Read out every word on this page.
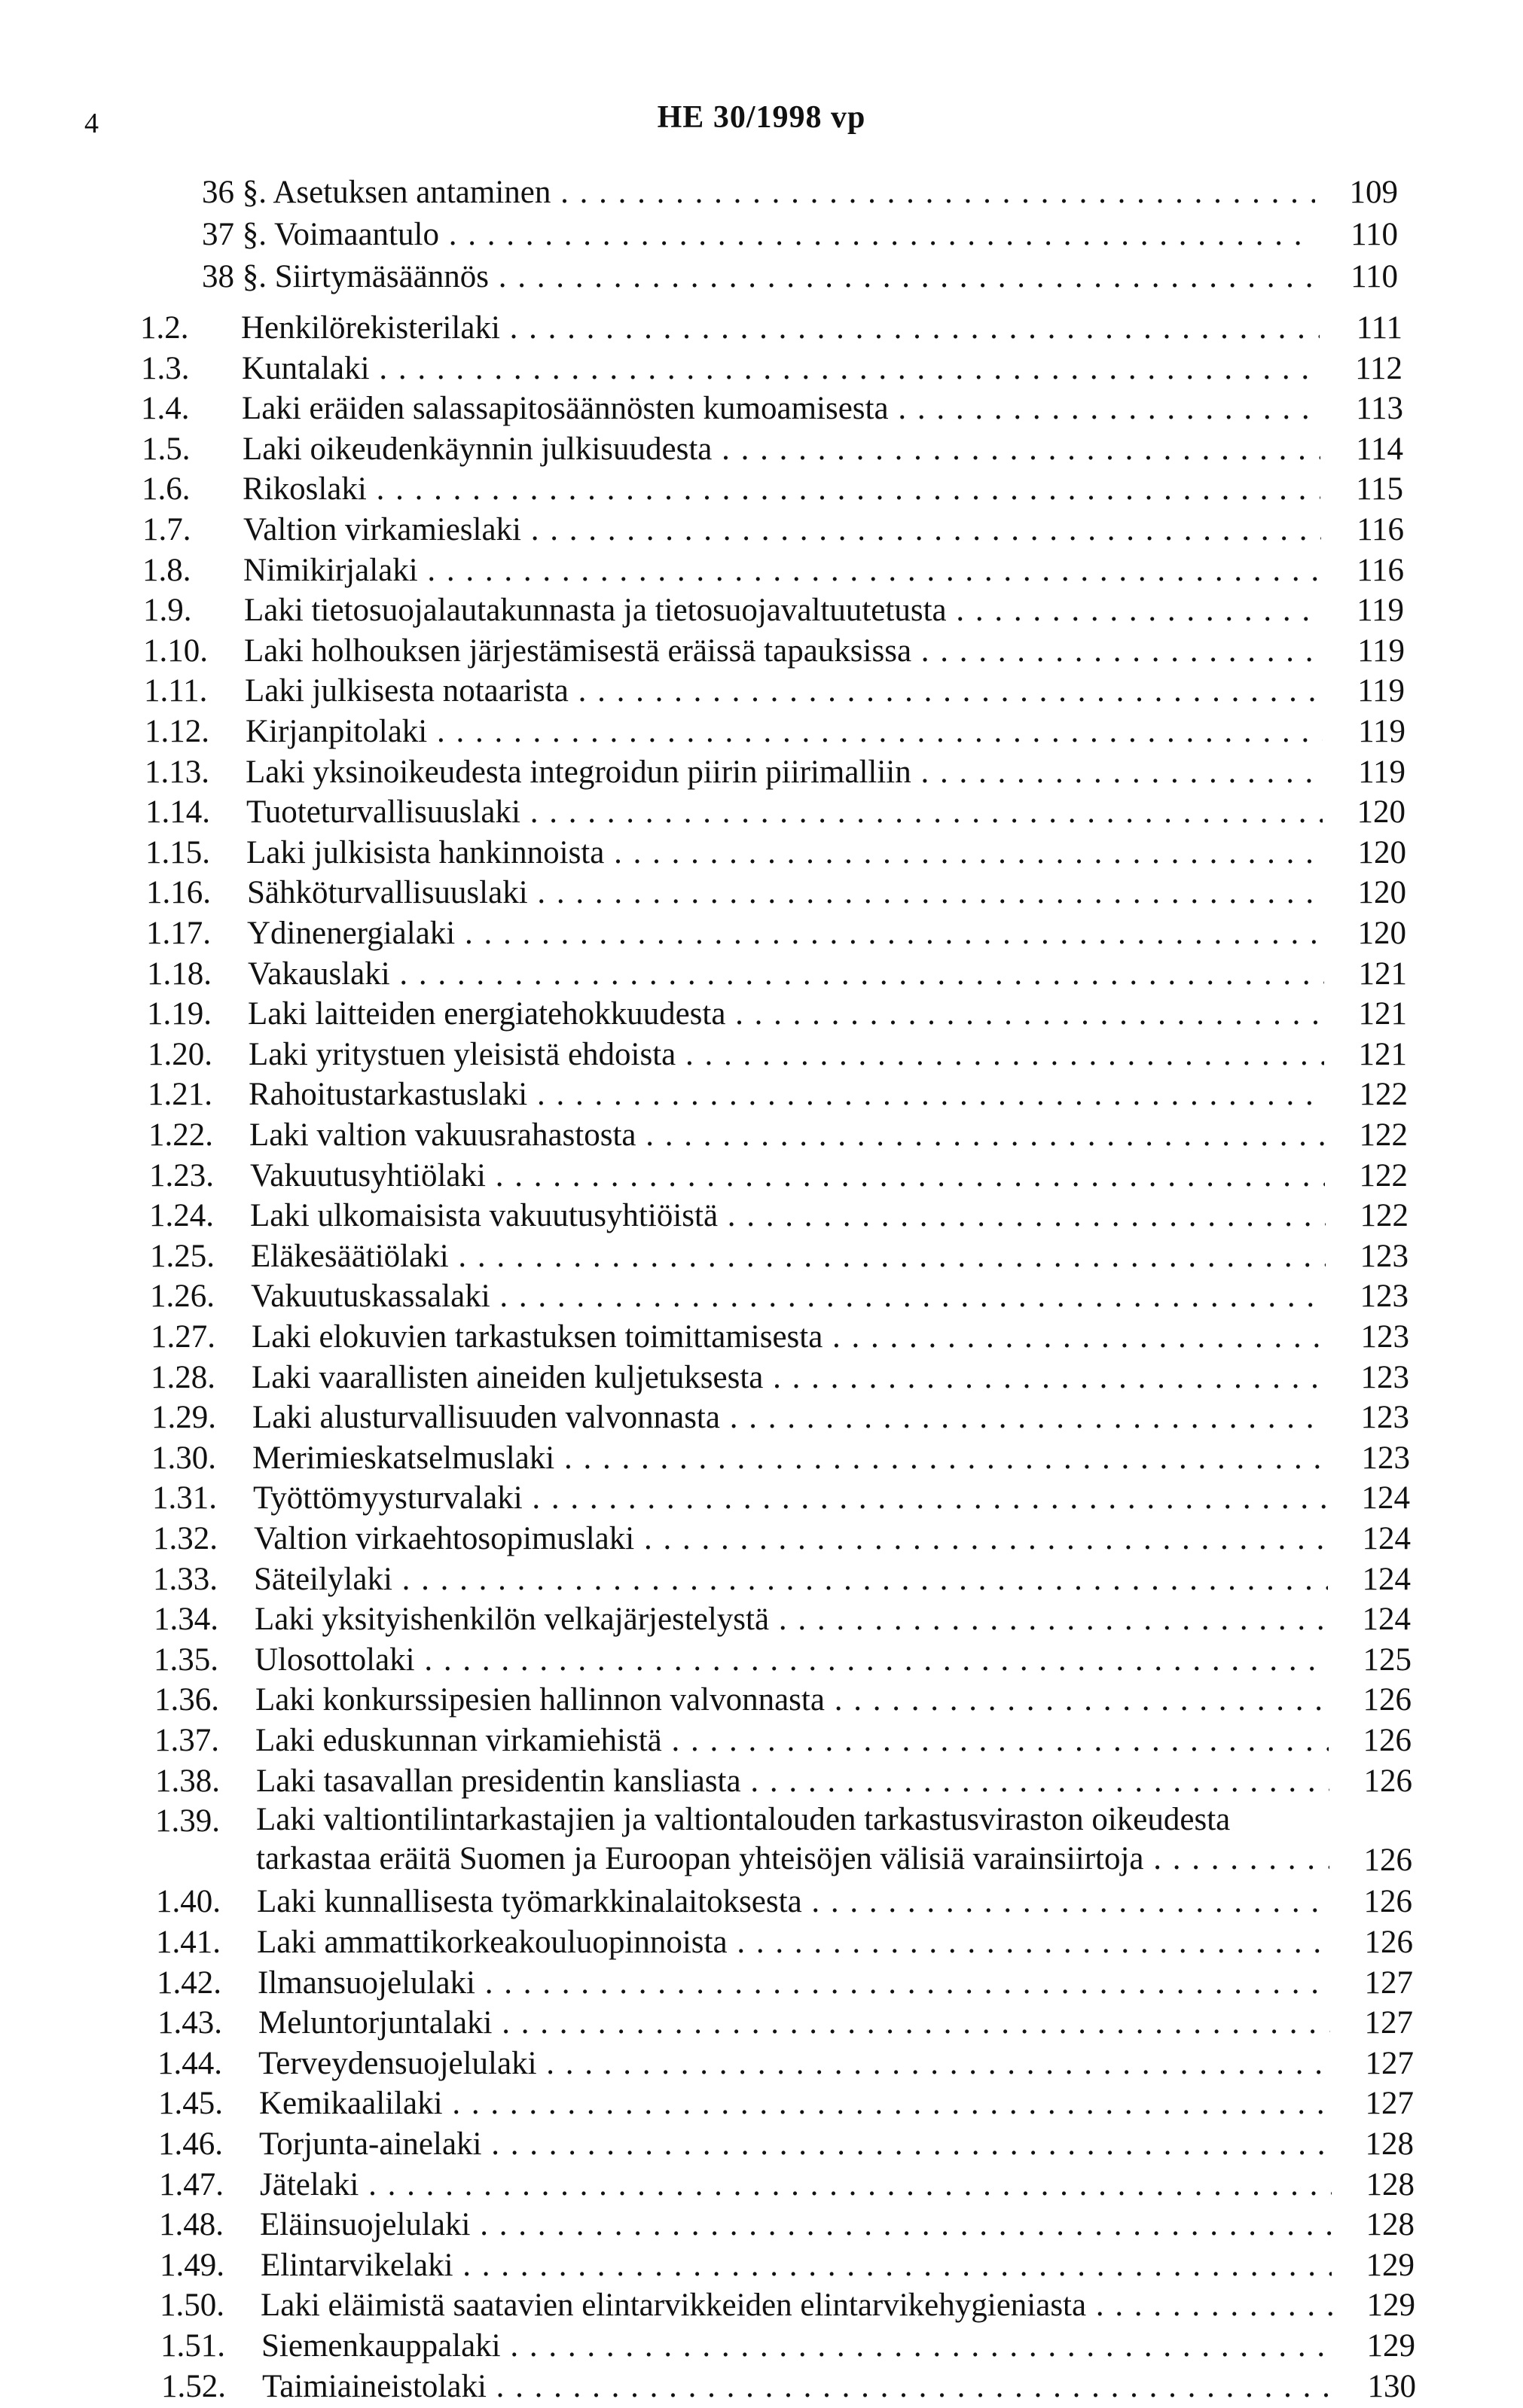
4	HE 30/1998 vp
36 §. Asetuksen antaminen . . .	109
37 §. Voimaantulo . . .	110
38 §. Siirtymäsäännös . . .	110
1.2. Henkilörekisterilaki . . .	111
1.3. Kuntalaki . . .	112
1.4. Laki eräiden salassapitosäännösten kumoamisesta . . .	113
1.5. Laki oikeudenkäynnin julkisuudesta . . .	114
1.6. Rikoslaki . . .	115
1.7. Valtion virkamieslaki . . .	116
1.8. Nimikirjalaki . . .	116
1.9. Laki tietosuojalautakunnasta ja tietosuojavaltuutetusta . . .	119
1.10. Laki holhouksen järjestämisestä eräissä tapauksissa . . .	119
1.11. Laki julkisesta notaarista . . .	119
1.12. Kirjanpitolaki . . .	119
1.13. Laki yksinoikeudesta integroidun piirin piirimalliin . . .	119
1.14. Tuoteturvallisuuslaki . . .	120
1.15. Laki julkisista hankinnoista . . .	120
1.16. Sähköturvallisuuslaki . . .	120
1.17. Ydinenergialaki . . .	120
1.18. Vakauslaki . . .	121
1.19. Laki laitteiden energiatehokkuudesta . . .	121
1.20. Laki yritystuen yleisistä ehdoista . . .	121
1.21. Rahoitustarkastuslaki . . .	122
1.22. Laki valtion vakuusrahastosta . . .	122
1.23. Vakuutusyhtiölaki . . .	122
1.24. Laki ulkomaisista vakuutusyhtiöistä . . .	122
1.25. Eläkesäätiölaki . . .	123
1.26. Vakuutuskassalaki . . .	123
1.27. Laki elokuvien tarkastuksen toimittamisesta . . .	123
1.28. Laki vaarallisten aineiden kuljetuksesta . . .	123
1.29. Laki alusturvallisuuden valvonnasta . . .	123
1.30. Merimieskatselmuslaki . . .	123
1.31. Työttömyysturvalaki . . .	124
1.32. Valtion virkaehtosopimuslaki . . .	124
1.33. Säteilylaki . . .	124
1.34. Laki yksityishenkilön velkajärjestelystä . . .	124
1.35. Ulosottolaki . . .	125
1.36. Laki konkurssipesien hallinnon valvonnasta . . .	126
1.37. Laki eduskunnan virkamiehistä . . .	126
1.38. Laki tasavallan presidentin kansliasta . . .	126
1.39. Laki valtiontilintarkastajien ja valtiontalouden tarkastusviraston oikeudesta
tarkastaa eräitä Suomen ja Euroopan yhteisöjen välisiä varainsiirtoja . . .	126
1.40. Laki kunnallisesta työmarkkinalaitoksesta . . .	126
1.41. Laki ammattikorkeakouluopinnoista . . .	126
1.42. Ilmansuojelulaki . . .	127
1.43. Meluntorjuntalaki . . .	127
1.44. Terveydensuojelulaki . . .	127
1.45. Kemikaalilaki . . .	127
1.46. Torjunta-ainelaki . . .	128
1.47. Jätelaki . . .	128
1.48. Eläinsuojelulaki . . .	128
1.49. Elintarvikelaki . . .	129
1.50. Laki eläimistä saatavien elintarvikkeiden elintarvikehygieniasta . . .	129
1.51. Siemenkauppalaki . . .	129
1.52. Taimiaineistolaki . . .	130
